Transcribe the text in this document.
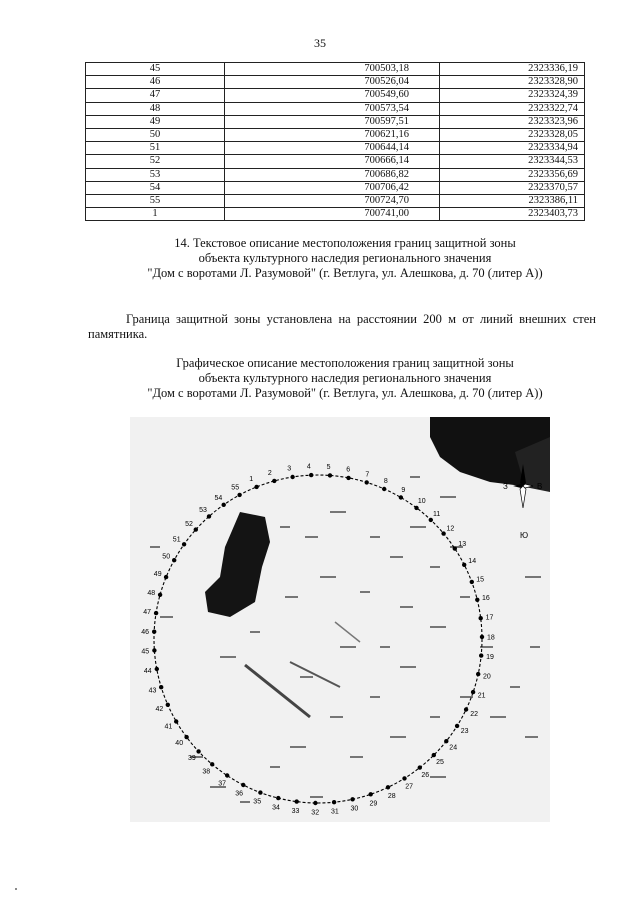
35
45	700503,18	2323336,19
46	700526,04	2323328,90
47	700549,60	2323324,39
48	700573,54	2323322,74
49	700597,51	2323323,96
50	700621,16	2323328,05
51	700644,14	2323334,94
52	700666,14	2323344,53
53	700686,82	2323356,69
54	700706,42	2323370,57
55	700724,70	2323386,11
1	700741,00	2323403,73
14. Текстовое описание местоположения границ защитной зоны
объекта культурного наследия регионального значения
"Дом с воротами Л. Разумовой" (г. Ветлуга, ул. Алешкова, д. 70 (литер А))
Граница защитной зоны установлена на расстоянии 200 м от линий внешних стен памятника.
Графическое описание местоположения границ защитной зоны
объекта культурного наследия регионального значения
"Дом с воротами Л. Разумовой" (г. Ветлуга, ул. Алешкова, д. 70 (литер А))
1
2
3 4 5 6
7
8
9
10
11
12
13
14
15
16
17
18
19
20
21
22
23
24
25
26
27
28
29
30
31
32
33
34
35
36
37
38
39
40
41
42
43
44
45
46
47
48
49
50
51
52
53
54
55	З	В
Ю
